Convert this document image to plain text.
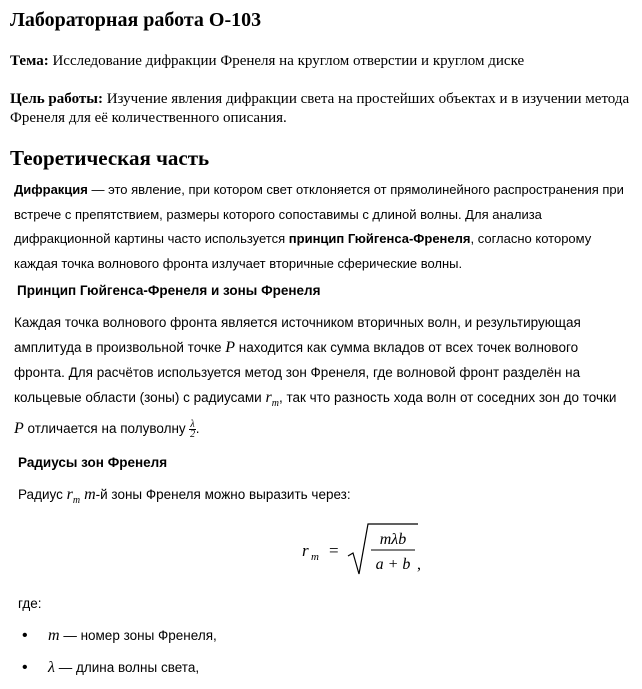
Лабораторная работа О-103

Тема: Исследование дифракции Френеля на круглом отверстии и круглом диске

Цель работы: Изучение явления дифракции света на простейших объектах и в изучении метода Френеля для её количественного описания.

Теоретическая часть

Дифракция — это явление, при котором свет отклоняется от прямолинейного распространения при встрече с препятствием, размеры которого сопоставимы с длиной волны. Для анализа дифракционной картины часто используется принцип Гюйгенса-Френеля, согласно которому каждая точка волнового фронта излучает вторичные сферические волны.

Принцип Гюйгенса-Френеля и зоны Френеля

Каждая точка волнового фронта является источником вторичных волн, и результирующая амплитуда в произвольной точке P находится как сумма вкладов от всех точек волнового фронта. Для расчётов используется метод зон Френеля, где волновой фронт разделён на кольцевые области (зоны) с радиусами $r_m$, так что разность хода волн от соседних зон до точки P отличается на полуволну $\frac{\lambda}{2}$ .

Радиусы зон Френеля

Радиус $r_m$ m-й зоны Френеля можно выразить через:

r m =
mλb
a + b ,

где:

• m — номер зоны Френеля,
• λ — длина волны света,
